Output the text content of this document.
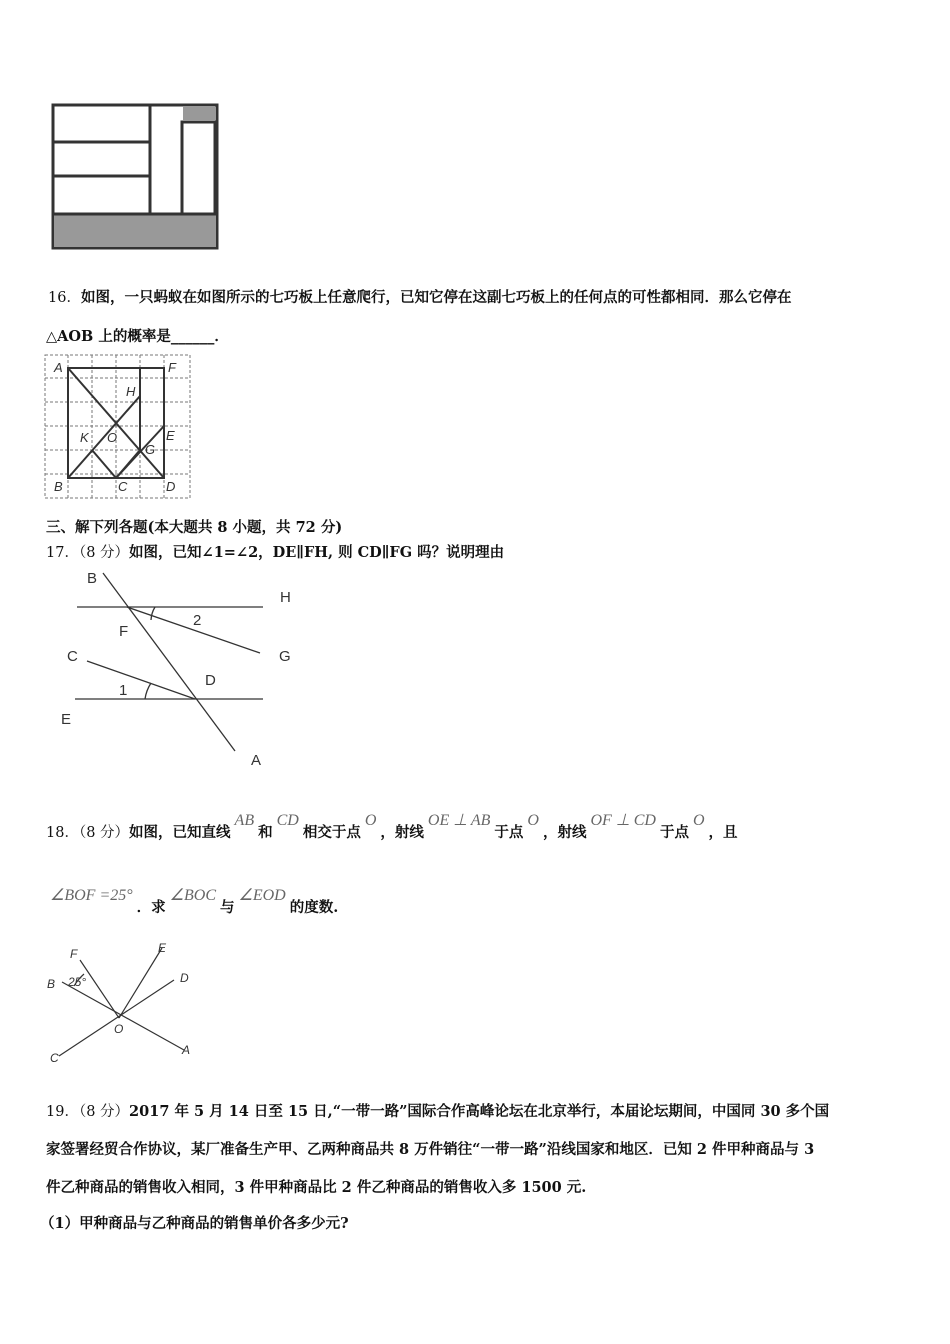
16．如图，一只蚂蚁在如图所示的七巧板上任意爬行，已知它停在这副七巧板上的任何点的可性都相同．那么它停在
△AOB 上的概率是______．
A	F
H
K O	E
G
B	C	D
三、解下列各题(本大题共 8 小题，共 72 分)
17．（8 分）如图，已知∠1=∠2，DE∥FH, 则 CD∥FG 吗？说明理由
B
H
2
F
C	G
D
1
E
A
18．（8 分）如图，已知直线AB和CD相交于点O，射线OE ⊥ AB于点O，射线OF ⊥ CD于点O，且
∠BOF =25°．求∠BOC与∠EOD的度数.
F	E
B 25°	D
O
C
A
19．（8 分）2017 年 5 月 14 日至 15 日,“一带一路”国际合作高峰论坛在北京举行，本届论坛期间，中国同 30 多个国
家签署经贸合作协议，某厂准备生产甲、乙两种商品共 8 万件销往“一带一路”沿线国家和地区．已知 2 件甲种商品与 3
件乙种商品的销售收入相同，3 件甲种商品比 2 件乙种商品的销售收入多 1500 元.
（1）甲种商品与乙种商品的销售单价各多少元?
